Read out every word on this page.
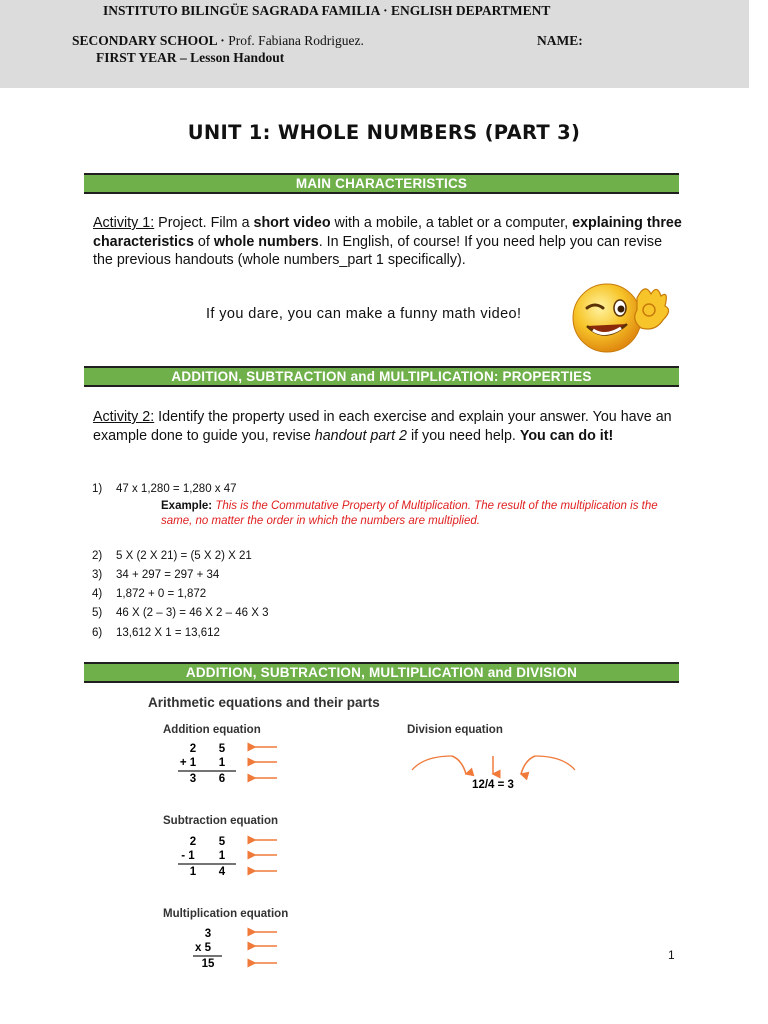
INSTITUTO BILINGÜE SAGRADA FAMILIA · ENGLISH DEPARTMENT
SECONDARY SCHOOL · Prof. Fabiana Rodriguez.	NAME:
FIRST YEAR – Lesson Handout
UNIT 1: WHOLE NUMBERS (PART 3)
MAIN CHARACTERISTICS
Activity 1: Project. Film a short video with a mobile, a tablet or a computer, explaining three characteristics of whole numbers. In English, of course! If you need help you can revise the previous handouts (whole numbers_part 1 specifically).
If you dare, you can make a funny math video!
ADDITION, SUBTRACTION and MULTIPLICATION: PROPERTIES
Activity 2: Identify the property used in each exercise and explain your answer. You have an example done to guide you, revise handout part 2 if you need help. You can do it!
1) 47 x 1,280 = 1,280 x 47
2) 5 X (2 X 21) = (5 X 2) X 21
3) 34 + 297 = 297 + 34
4) 1,872 + 0 = 1,872
5) 46 X (2 – 3) = 46 X 2 – 46 X 3
6) 13,612 X 1 = 13,612
Example: This is the Commutative Property of Multiplication. The result of the multiplication is the same, no matter the order in which the numbers are multiplied.
ADDITION, SUBTRACTION, MULTIPLICATION and DIVISION
Arithmetic equations and their parts
Addition equation
2 5
+ 1 1
3 6
Subtraction equation
2 5
- 1 1
1 4
Multiplication equation
3
x 5
15
Division equation
12/4 = 3
1
